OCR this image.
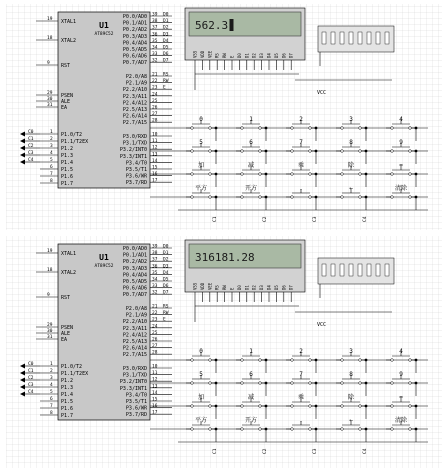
U1
AT89C52
XTAL1
19
XTAL2
18
RST
9
PSEN
29
ALE
30
EA
31
P1.0/T2
1
C0
P1.1/T2EX
2
C1
P1.2
3
C2
P1.3
4
C3
P1.4
5
C4
P1.5
6
P1.6
7
P1.7
8
P0.0/AD0 39 D0
P0.1/AD1 38 D1
P0.2/AD2 37 D2
P0.3/AD3 36 D3
P0.4/AD4 35 D4
P0.5/AD5 34 D5
P0.6/AD6 33 D6
P0.7/AD7 32 D7
P2.0/A8 21 RS
P2.1/A9 22 RW
P2.2/A10 23 E
P2.3/A11 24
P2.4/A12 25
P2.5/A13 26
P2.6/A14 27
P2.7/A15 28
P3.0/RXD 10
P3.1/TXD 11
P3.2/INT0 12
P3.3/INT1 13
P3.4/T0 14
P3.5/T1 15
P3.6/WR 16
P3.7/RD 17
562.3
VSS VDD VEE RS RW E D0 D1 D2 D3 D4 D5 D6 D7
VCC
0	1	2	3	4
5	6	7	8	9
加	减	乘	除	=
平方	开方	.	←	清除
C1	C2	C3	C4
U1
AT89C52
XTAL1
19
XTAL2
18
RST
9
PSEN
29
ALE
30
EA
31
P1.0/T2
1
C0
P1.1/T2EX
2
C1
P1.2
3
C2
P1.3
4
C3
P1.4
5
C4
P1.5
6
P1.6
7
P1.7
8
P0.0/AD0 39 D0
P0.1/AD1 38 D1
P0.2/AD2 37 D2
P0.3/AD3 36 D3
P0.4/AD4 35 D4
P0.5/AD5 34 D5
P0.6/AD6 33 D6
P0.7/AD7 32 D7
P2.0/A8 21 RS
P2.1/A9 22 RW
P2.2/A10 23 E
P2.3/A11 24
P2.4/A12 25
P2.5/A13 26
P2.6/A14 27
P2.7/A15 28
P3.0/RXD 10
P3.1/TXD 11
P3.2/INT0 12
P3.3/INT1 13
P3.4/T0 14
P3.5/T1 15
P3.6/WR 16
P3.7/RD 17
316181.28
VSS VDD VEE RS RW E D0 D1 D2 D3 D4 D5 D6 D7
VCC
0	1	2	3	4
5	6	7	8	9
加	减	乘	除	=
平方	开方	.	←	清除
C1	C2	C3	C4
